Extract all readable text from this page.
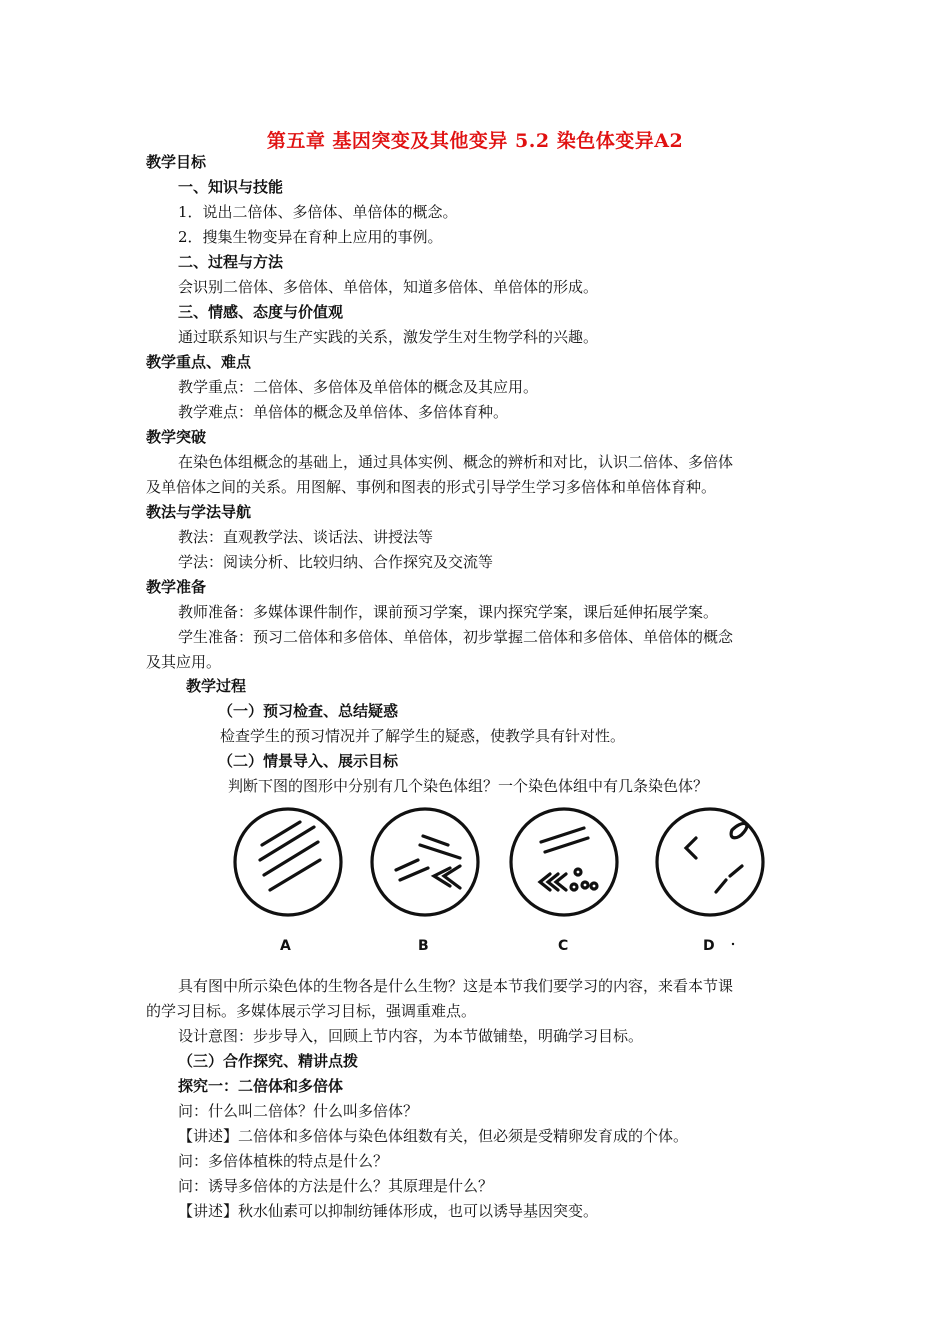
第五章 基因突变及其他变异 5.2 染色体变异A2
教学目标
一、知识与技能
1．说出二倍体、多倍体、单倍体的概念。
2．搜集生物变异在育种上应用的事例。
二、过程与方法
会识别二倍体、多倍体、单倍体，知道多倍体、单倍体的形成。
三、情感、态度与价值观
通过联系知识与生产实践的关系，激发学生对生物学科的兴趣。
教学重点、难点
教学重点：二倍体、多倍体及单倍体的概念及其应用。
教学难点：单倍体的概念及单倍体、多倍体育种。
教学突破
在染色体组概念的基础上，通过具体实例、概念的辨析和对比，认识二倍体、多倍体
及单倍体之间的关系。用图解、事例和图表的形式引导学生学习多倍体和单倍体育种。
教法与学法导航
教法：直观教学法、谈话法、讲授法等
学法：阅读分析、比较归纳、合作探究及交流等
教学准备
教师准备：多媒体课件制作，课前预习学案，课内探究学案，课后延伸拓展学案。
学生准备：预习二倍体和多倍体、单倍体，初步掌握二倍体和多倍体、单倍体的概念
及其应用。
教学过程
（一）预习检查、总结疑惑
检查学生的预习情况并了解学生的疑惑，使教学具有针对性。
（二）情景导入、展示目标
判断下图的图形中分别有几个染色体组？一个染色体组中有几条染色体？
A	B	C	D
具有图中所示染色体的生物各是什么生物？这是本节我们要学习的内容，来看本节课
的学习目标。多媒体展示学习目标，强调重难点。
设计意图：步步导入，回顾上节内容，为本节做铺垫，明确学习目标。
（三）合作探究、精讲点拨
探究一：二倍体和多倍体
问：什么叫二倍体？什么叫多倍体？
【讲述】二倍体和多倍体与染色体组数有关，但必须是受精卵发育成的个体。
问：多倍体植株的特点是什么？
问：诱导多倍体的方法是什么？其原理是什么？
【讲述】秋水仙素可以抑制纺锤体形成，也可以诱导基因突变。
